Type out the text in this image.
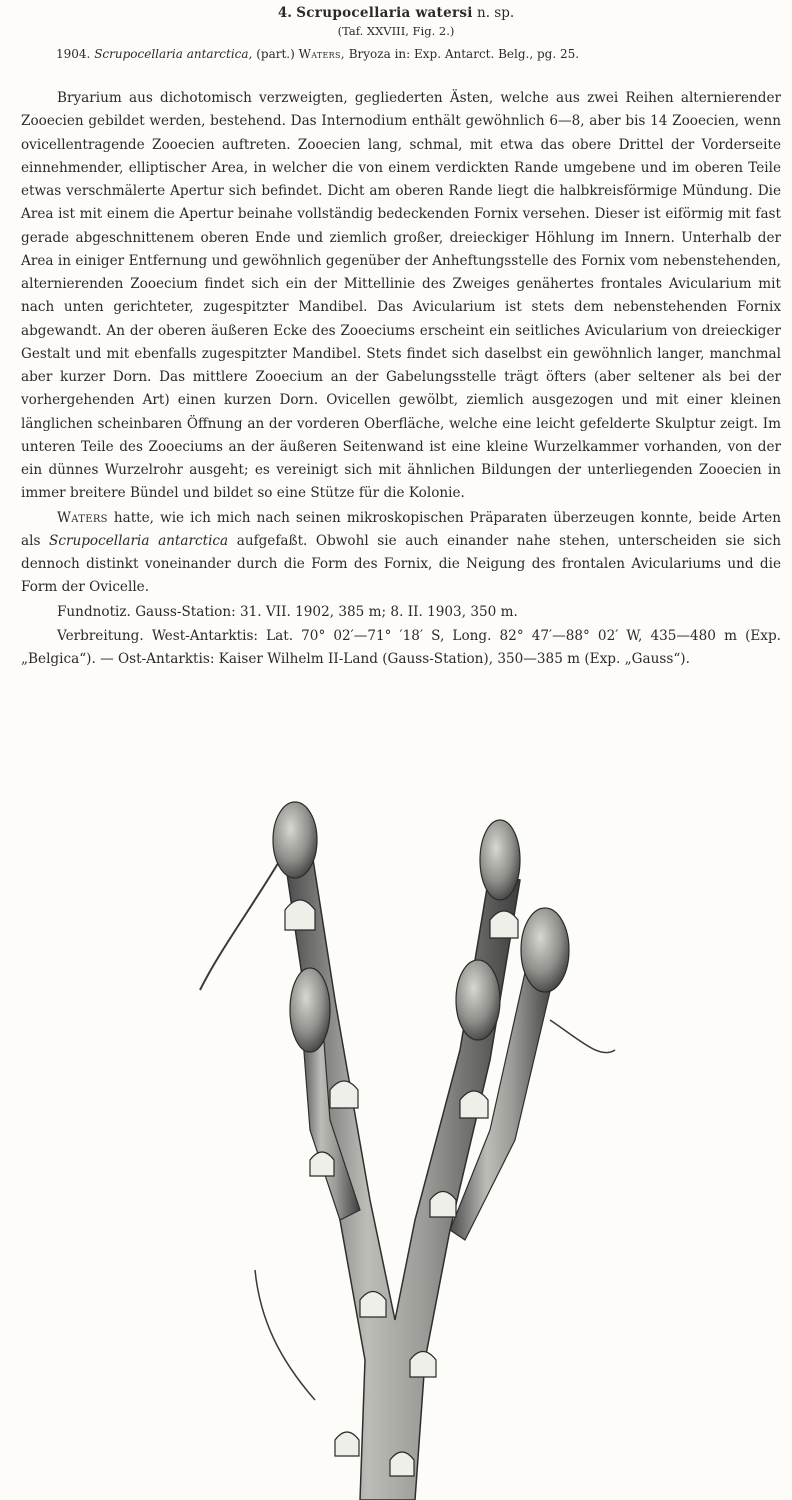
4. Scrupocellaria watersi n. sp.
(Taf. XXVIII, Fig. 2.)
1904. Scrupocellaria antarctica, (part.) Waters, Bryoza in: Exp. Antarct. Belg., pg. 25.

Bryarium aus dichotomisch verzweigten, gegliederten Ästen, welche aus zwei Reihen alternierender Zooecien gebildet werden, bestehend. Das Internodium enthält gewöhnlich 6—8, aber bis 14 Zooecien, wenn ovicellentragende Zooecien auftreten. Zooecien lang, schmal, mit etwa das obere Drittel der Vorderseite einnehmender, elliptischer Area, in welcher die von einem verdickten Rande umgebene und im oberen Teile etwas verschmälerte Apertur sich befindet. Dicht am oberen Rande liegt die halbkreisförmige Mündung. Die Area ist mit einem die Apertur beinahe vollständig bedeckenden Fornix versehen. Dieser ist eiförmig mit fast gerade abgeschnittenem oberen Ende und ziemlich großer, dreieckiger Höhlung im Innern. Unterhalb der Area in einiger Entfernung und gewöhnlich gegenüber der Anheftungsstelle des Fornix vom nebenstehenden, alternierenden Zooecium findet sich ein der Mittellinie des Zweiges genähertes frontales Avicularium mit nach unten gerichteter, zugespitzter Mandibel. Das Avicularium ist stets dem nebenstehenden Fornix abgewandt. An der oberen äußeren Ecke des Zooeciums erscheint ein seitliches Avicularium von dreieckiger Gestalt und mit ebenfalls zugespitzter Mandibel. Stets findet sich daselbst ein gewöhnlich langer, manchmal aber kurzer Dorn. Das mittlere Zooecium an der Gabelungsstelle trägt öfters (aber seltener als bei der vorhergehenden Art) einen kurzen Dorn. Ovicellen gewölbt, ziemlich ausgezogen und mit einer kleinen länglichen scheinbaren Öffnung an der vorderen Oberfläche, welche eine leicht gefelderte Skulptur zeigt. Im unteren Teile des Zooeciums an der äußeren Seitenwand ist eine kleine Wurzelkammer vorhanden, von der ein dünnes Wurzelrohr ausgeht; es vereinigt sich mit ähnlichen Bildungen der unterliegenden Zooecien in immer breitere Bündel und bildet so eine Stütze für die Kolonie.

Waters hatte, wie ich mich nach seinen mikroskopischen Präparaten überzeugen konnte, beide Arten als Scrupocellaria antarctica aufgefaßt. Obwohl sie auch einander nahe stehen, unterscheiden sie sich dennoch distinkt voneinander durch die Form des Fornix, die Neigung des frontalen Aviculariums und die Form der Ovicelle.

Fundnotiz. Gauss-Station: 31. VII. 1902, 385 m; 8. II. 1903, 350 m.

Verbreitung. West-Antarktis: Lat. 70° 02′—71° ′18′ S, Long. 82° 47′—88° 02′ W, 435—480 m (Exp. „Belgica“). — Ost-Antarktis: Kaiser Wilhelm II-Land (Gauss-Station), 350—385 m (Exp. „Gauss“).
